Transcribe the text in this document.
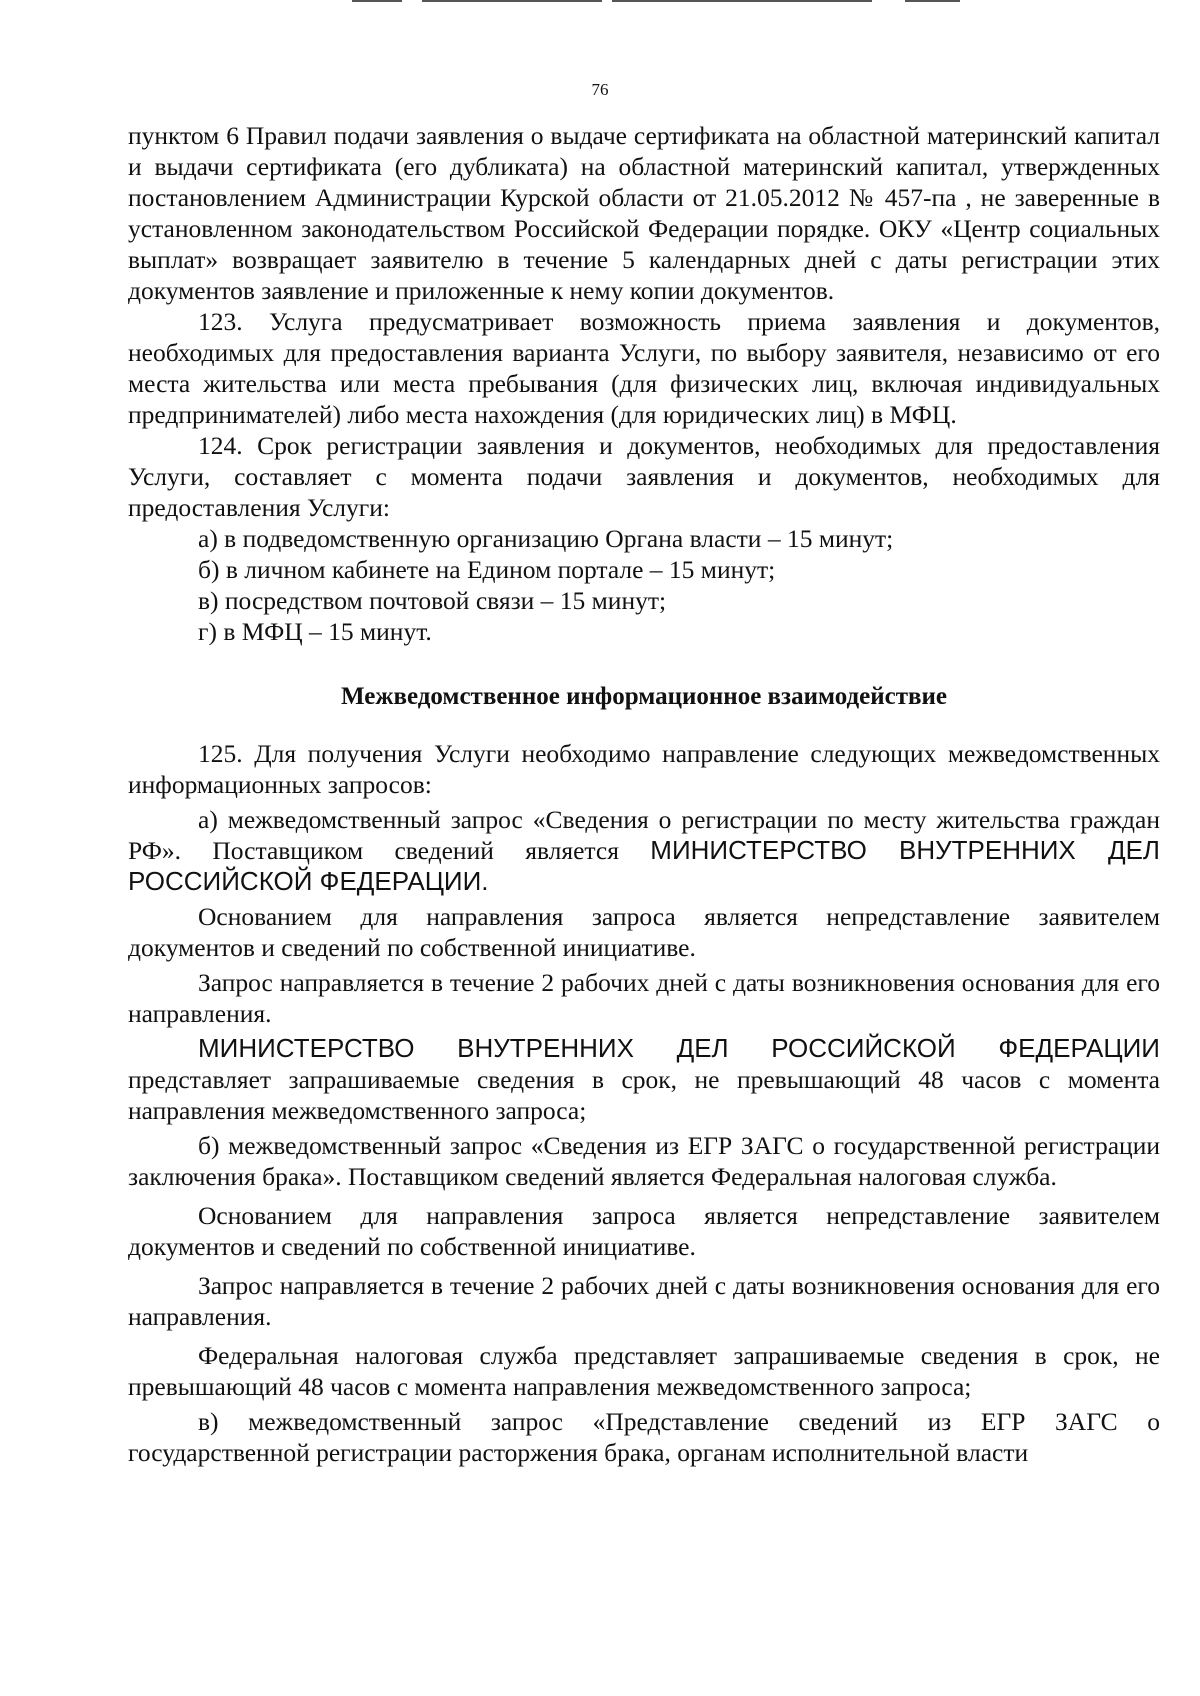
76

пунктом 6 Правил подачи заявления о выдаче сертификата на областной материнский капитал и выдачи сертификата (его дубликата) на областной материнский капитал, утвержденных постановлением Администрации Курской области от 21.05.2012 № 457-па , не заверенные в установленном законодательством Российской Федерации порядке. ОКУ «Центр социальных выплат» возвращает заявителю в течение 5 календарных дней с даты регистрации этих документов заявление и приложенные к нему копии документов.

123. Услуга предусматривает возможность приема заявления и документов, необходимых для предоставления варианта Услуги, по выбору заявителя, независимо от его места жительства или места пребывания (для физических лиц, включая индивидуальных предпринимателей) либо места нахождения (для юридических лиц) в МФЦ.

124. Срок регистрации заявления и документов, необходимых для предоставления Услуги, составляет с момента подачи заявления и документов, необходимых для предоставления Услуги:

а) в подведомственную организацию Органа власти – 15 минут;

б) в личном кабинете на Едином портале – 15 минут;

в) посредством почтовой связи – 15 минут;

г) в МФЦ – 15 минут.

Межведомственное информационное взаимодействие

125. Для получения Услуги необходимо направление следующих межведомственных информационных запросов:

а) межведомственный запрос «Сведения о регистрации по месту жительства граждан РФ». Поставщиком сведений является МИНИСТЕРСТВО ВНУТРЕННИХ ДЕЛ РОССИЙСКОЙ ФЕДЕРАЦИИ.

Основанием для направления запроса является непредставление заявителем документов и сведений по собственной инициативе.

Запрос направляется в течение 2 рабочих дней с даты возникновения основания для его направления.

МИНИСТЕРСТВО ВНУТРЕННИХ ДЕЛ РОССИЙСКОЙ ФЕДЕРАЦИИ представляет запрашиваемые сведения в срок, не превышающий 48 часов с момента направления межведомственного запроса;

б) межведомственный запрос «Сведения из ЕГР ЗАГС о государственной регистрации заключения брака». Поставщиком сведений является Федеральная налоговая служба.

Основанием для направления запроса является непредставление заявителем документов и сведений по собственной инициативе.

Запрос направляется в течение 2 рабочих дней с даты возникновения основания для его направления.

Федеральная налоговая служба представляет запрашиваемые сведения в срок, не превышающий 48 часов с момента направления межведомственного запроса;

в) межведомственный запрос «Представление сведений из ЕГР ЗАГС о государственной регистрации расторжения брака, органам исполнительной власти
